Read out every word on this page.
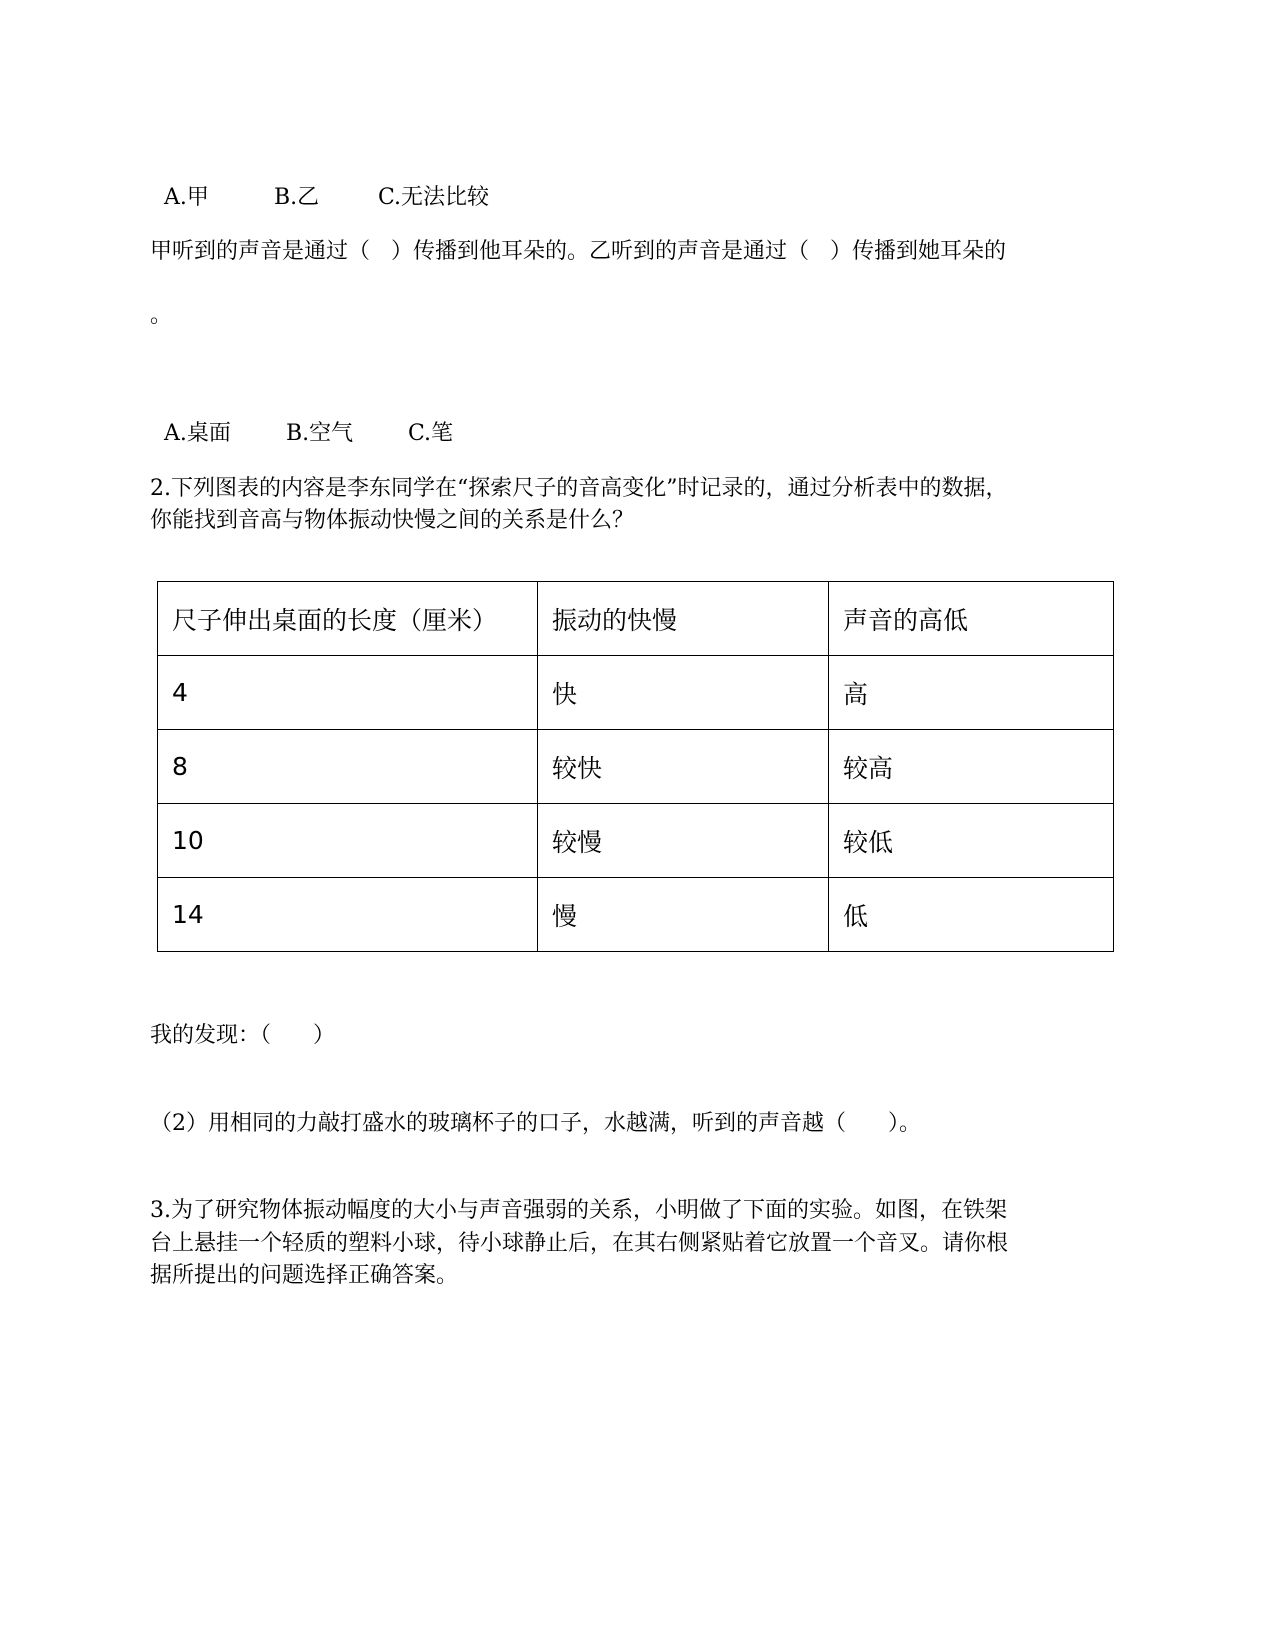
A.甲	B.乙	C.无法比较

甲听到的声音是通过（   ）传播到他耳朵的。乙听到的声音是通过（   ）传播到她耳朵的
。

A.桌面	B.空气 C.笔

2.下列图表的内容是李东同学在“探索尺子的音高变化”时记录的，通过分析表中的数据，
你能找到音高与物体振动快慢之间的关系是什么？
尺子伸出桌面的长度（厘米）	振动的快慢	声音的高低
4	快	高
8	较快	较高
10	较慢	较低
14	慢	低
我的发现：（      ）
（2）用相同的力敲打盛水的玻璃杯子的口子，水越满，听到的声音越（      ）。
3.为了研究物体振动幅度的大小与声音强弱的关系，小明做了下面的实验。如图，在铁架
台上悬挂一个轻质的塑料小球，待小球静止后，在其右侧紧贴着它放置一个音叉。请你根
据所提出的问题选择正确答案。
